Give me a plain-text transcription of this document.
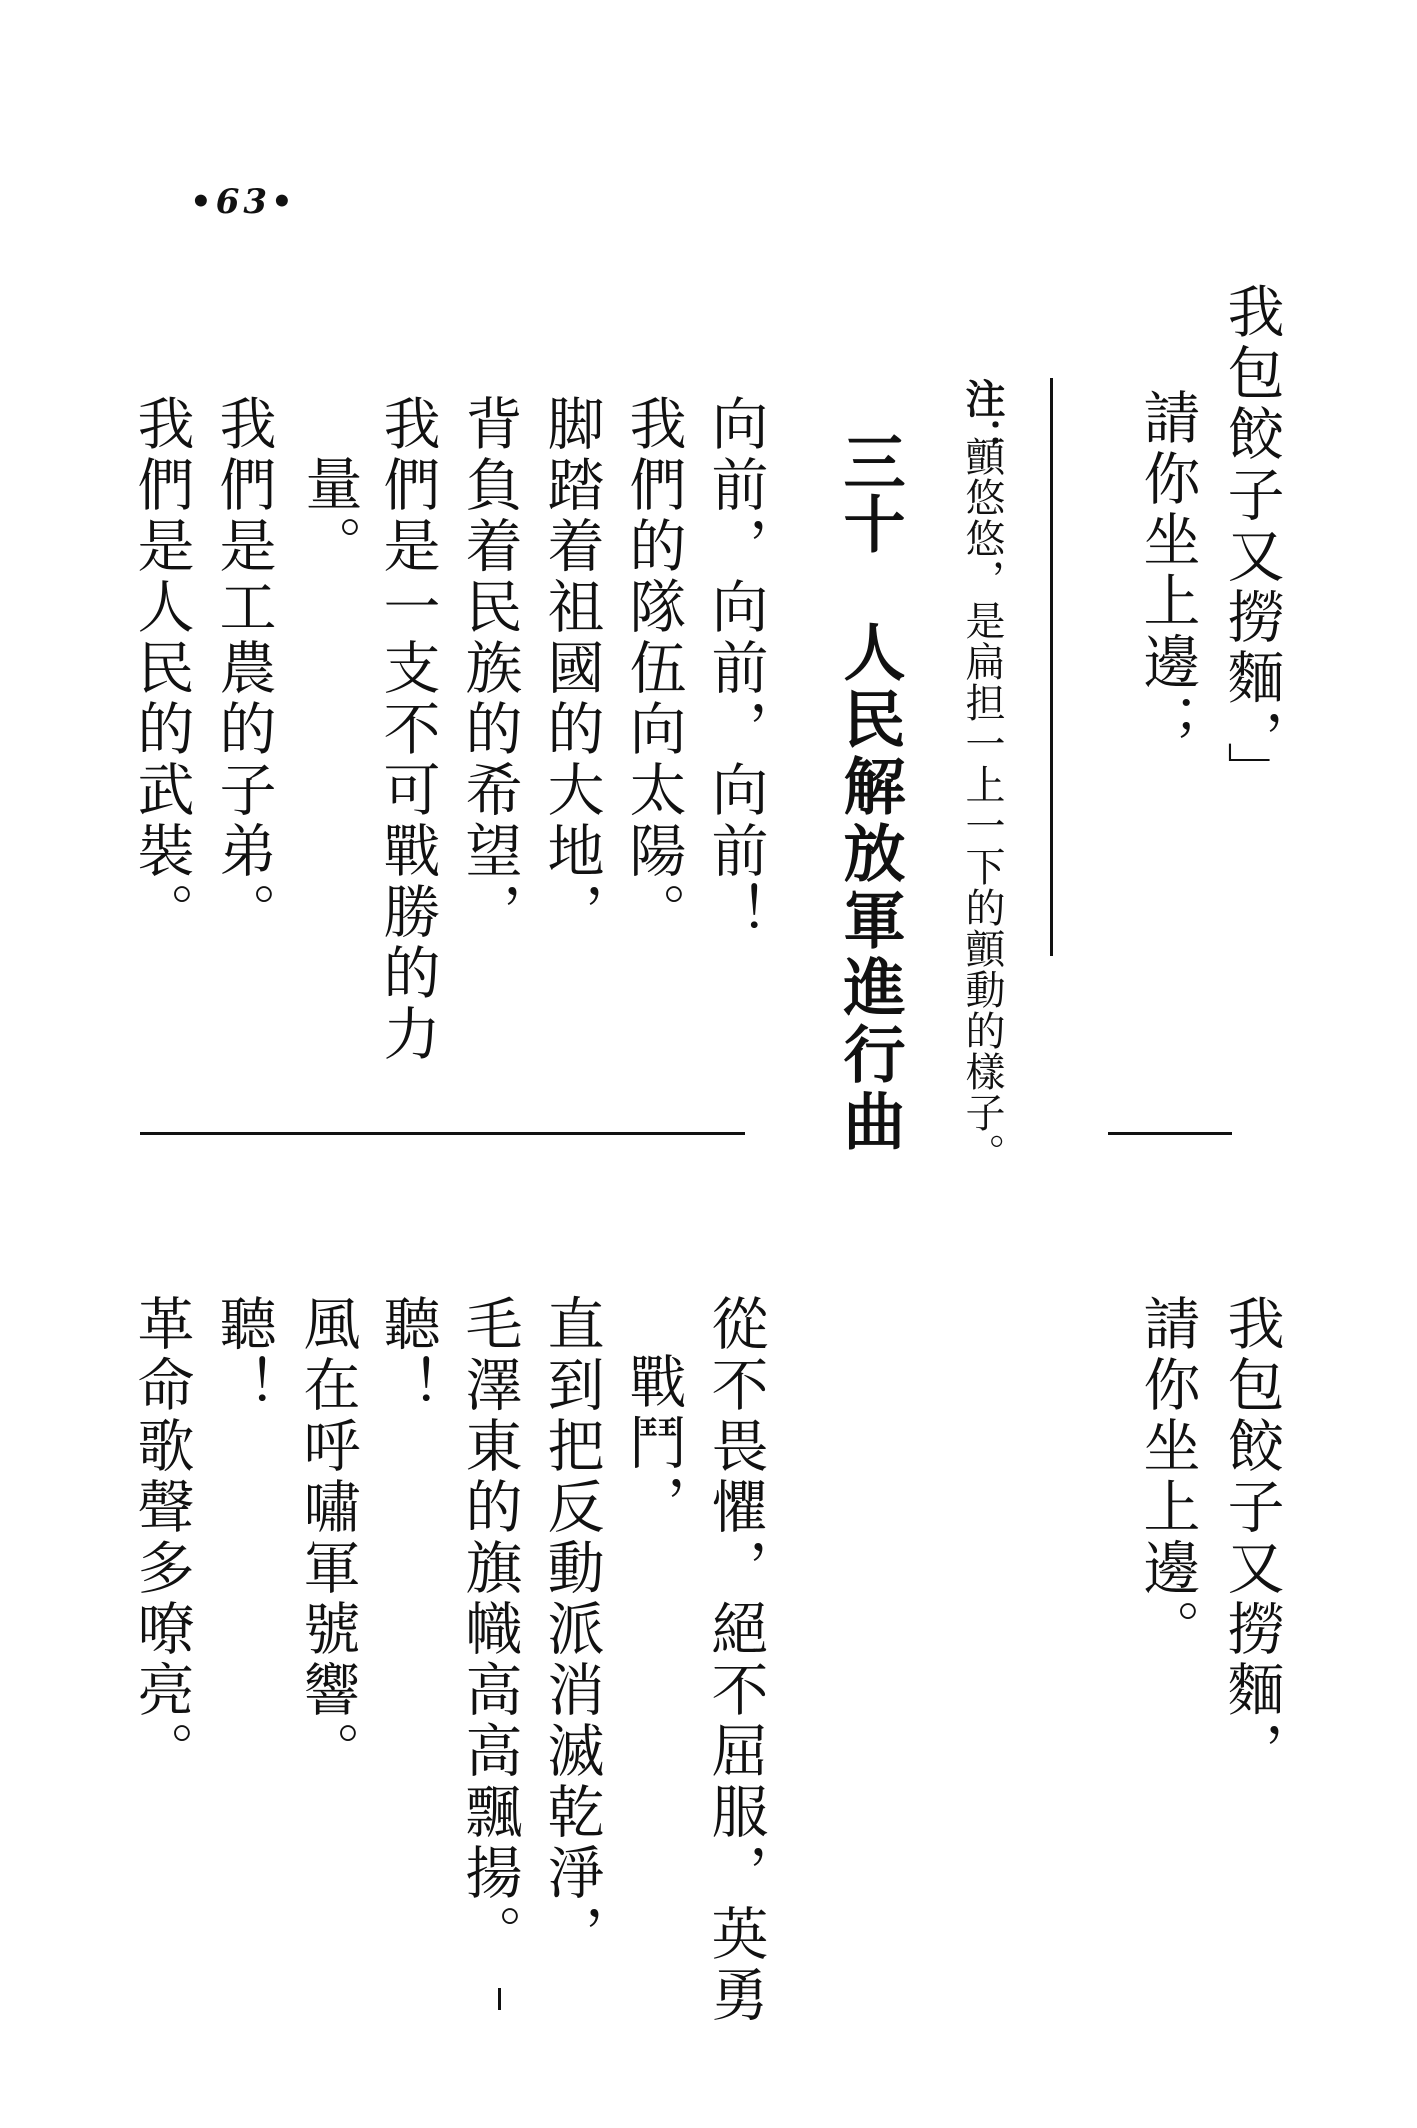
•63•
我包餃子又撈麵，」
請你坐上邊；
注：
顫悠悠，是扁担一上一下的顫動的樣子。
三十
人民解放軍進行曲
向前，向前，向前！
我們的隊伍向太陽。
脚踏着祖國的大地，
背負着民族的希望，
我們是一支不可戰勝的力
量。
我們是工農的子弟。
我們是人民的武裝。
我包餃子又撈麵，
請你坐上邊。
從不畏懼，絕不屈服，英勇
戰鬥，
直到把反動派消滅乾淨，
毛澤東的旗幟高高飄揚。
聽！
風在呼嘯軍號響。
聽！
革命歌聲多嘹亮。
